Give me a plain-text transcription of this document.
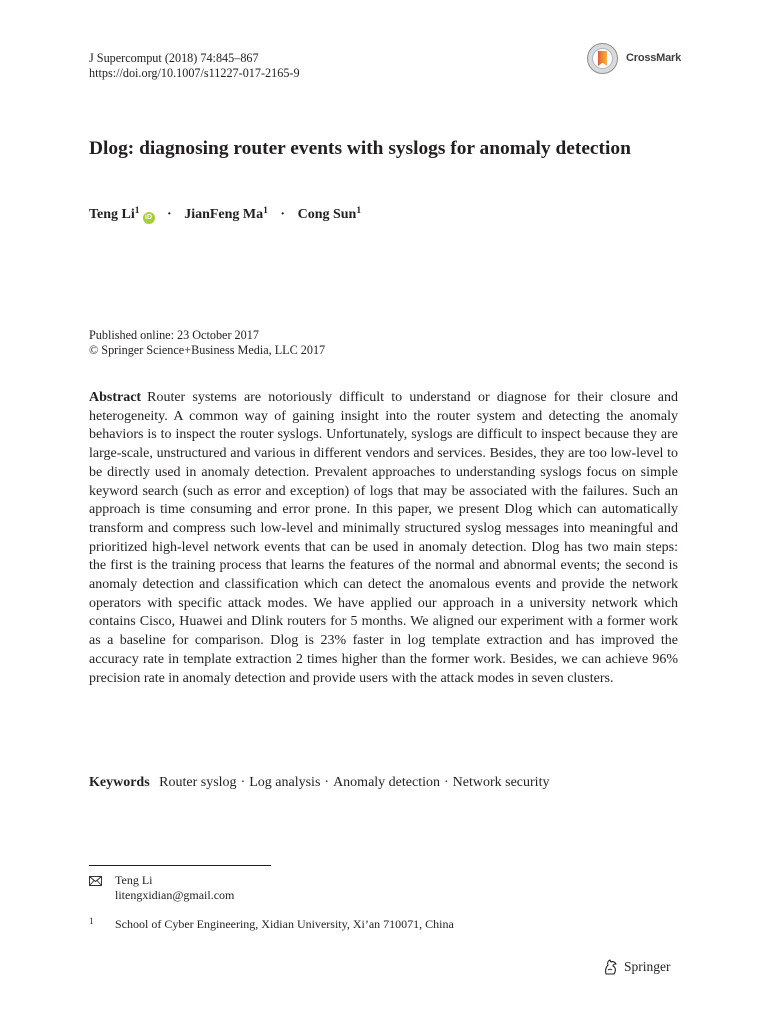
J Supercomput (2018) 74:845–867
https://doi.org/10.1007/s11227-017-2165-9
CrossMark
Dlog: diagnosing router events with syslogs for anomaly detection
Teng $Li^1iD$ · JianFeng $Ma^1$ · Cong Sun$^1$
Published online: 23 October 2017
© Springer Science+Business Media, LLC 2017

Abstract Router systems are notoriously difficult to understand or diagnose for their closure and heterogeneity. A common way of gaining insight into the router system and detecting the anomaly behaviors is to inspect the router syslogs. Unfortunately, syslogs are difficult to inspect because they are large-scale, unstructured and various in different vendors and services. Besides, they are too low-level to be directly used in anomaly detection. Prevalent approaches to understanding syslogs focus on simple keyword search (such as error and exception) of logs that may be associated with the failures. Such an approach is time consuming and error prone. In this paper, we present Dlog which can automatically transform and compress such low-level and minimally structured syslog messages into meaningful and prioritized high-level network events that can be used in anomaly detection. Dlog has two main steps: the first is the training process that learns the features of the normal and abnormal events; the second is anomaly detection and classification which can detect the anomalous events and provide the network operators with specific attack modes. We have applied our approach in a university network which contains Cisco, Huawei and Dlink routers for 5 months. We aligned our experiment with a former work as a baseline for comparison. Dlog is 23% faster in log template extraction and has improved the accuracy rate in template extraction 2 times higher than the former work. Besides, we can achieve 96% precision rate in anomaly detection and provide users with the attack modes in seven clusters.

Keywords Router syslog · Log analysis · Anomaly detection · Network security
Teng Li
litengxidian@gmail.com
1 School of Cyber Engineering, Xidian University, Xi’an 710071, China
Springer
